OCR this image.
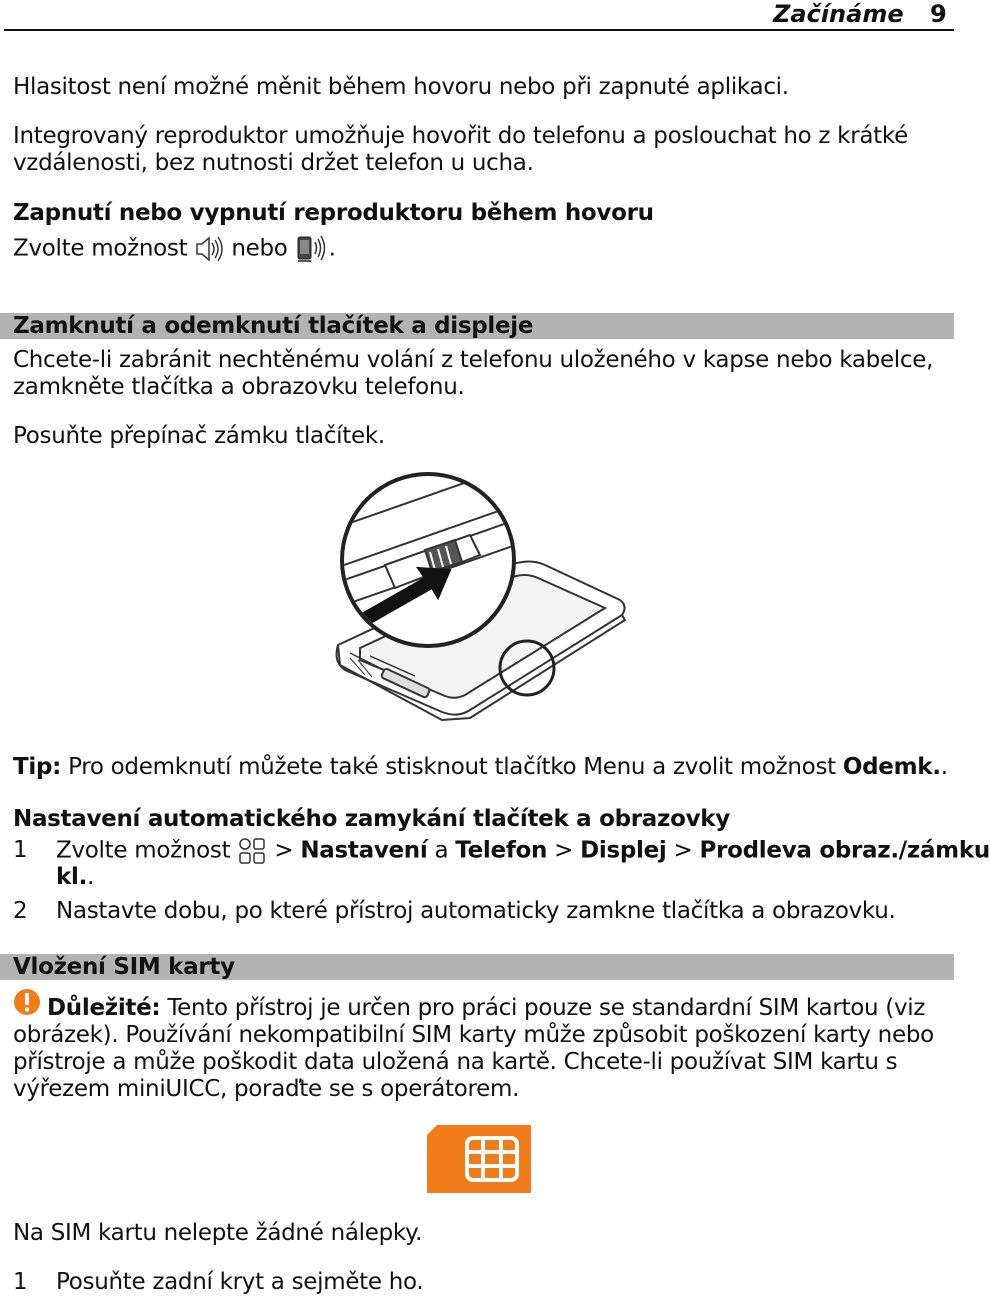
Začínáme 9
Hlasitost není možné měnit během hovoru nebo při zapnuté aplikaci.
Integrovaný reproduktor umožňuje hovořit do telefonu a poslouchat ho z krátké
vzdálenosti, bez nutnosti držet telefon u ucha.
Zapnutí nebo vypnutí reproduktoru během hovoru
Zvolte možnost nebo .
Zamknutí a odemknutí tlačítek a displeje
Chcete-li zabránit nechtěnému volání z telefonu uloženého v kapse nebo kabelce,
zamkněte tlačítka a obrazovku telefonu.
Posuňte přepínač zámku tlačítek.
Tip: Pro odemknutí můžete také stisknout tlačítko Menu a zvolit možnost Odemk..
Nastavení automatického zamykání tlačítek a obrazovky
1 Zvolte možnost > Nastavení a Telefon > Displej > Prodleva obraz./zámku
kl..
2 Nastavte dobu, po které přístroj automaticky zamkne tlačítka a obrazovku.
Vložení SIM karty
Důležité: Tento přístroj je určen pro práci pouze se standardní SIM kartou (viz
obrázek). Používání nekompatibilní SIM karty může způsobit poškození karty nebo
přístroje a může poškodit data uložená na kartě. Chcete-li používat SIM kartu s
výřezem miniUICC, poraďte se s operátorem.
Na SIM kartu nelepte žádné nálepky.
1 Posuňte zadní kryt a sejměte ho.
